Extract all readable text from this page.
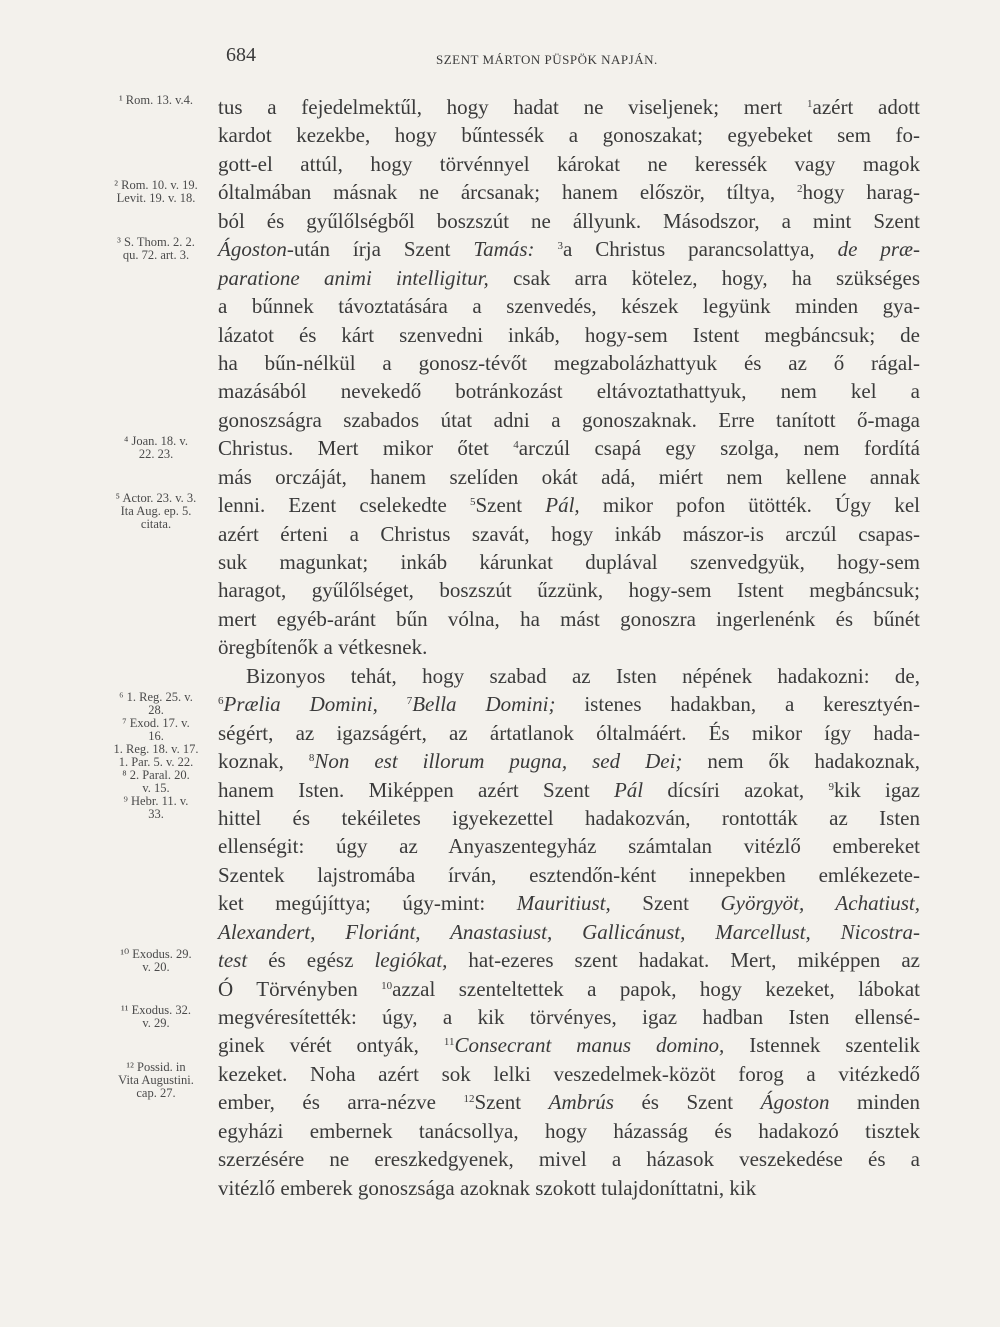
684	SZENT MÁRTON PÜSPÖK NAPJÁN.
¹ Rom. 13. v.4.
² Rom. 10. v. 19.
Levit. 19. v. 18.
³ S. Thom. 2. 2.
qu. 72. art. 3.
⁴ Joan. 18. v.
22. 23.
⁵ Actor. 23. v. 3.
Ita Aug. ep. 5.
citata.
⁶ 1. Reg. 25. v.
28.
⁷ Exod. 17. v.
16.
1. Reg. 18. v. 17.
1. Par. 5. v. 22.
⁸ 2. Paral. 20.
v. 15.
⁹ Hebr. 11. v.
33.
¹⁰ Exodus. 29.
v. 20.
¹¹ Exodus. 32.
v. 29.
¹² Possid. in
Vita Augustini.
cap. 27.
tus a fejedelmektűl, hogy hadat ne viseljenek; mert $^1$azért adott
kardot kezekbe, hogy bűntessék a gonoszakat; egyebeket sem fo-
gott-el attúl, hogy törvénnyel károkat ne keressék vagy magok
óltalmában másnak ne árcsanak; hanem először, tíltya, $^2$hogy harag-
ból és gyűlőlségből boszszút ne állyunk. Másodszor, a mint Szent
Ágoston-után írja Szent Tamás: $^3$a Christus parancsolattya, de præ-
paratione animi intelligitur, csak arra kötelez, hogy, ha szükséges
a bűnnek távoztatására a szenvedés, készek legyünk minden gya-
lázatot és kárt szenvedni inkáb, hogy-sem Istent megbáncsuk; de
ha bűn-nélkül a gonosz-tévőt megzabolázhattyuk és az ő rágal-
mazásából nevekedő botránkozást eltávoztathattyuk, nem kel a
gonoszságra szabados útat adni a gonoszaknak. Erre tanított ő-maga
Christus. Mert mikor őtet $^4$arczúl csapá egy szolga, nem fordítá
más orczáját, hanem szelíden okát adá, miért nem kellene annak
lenni. Ezent cselekedte $^5$Szent Pál, mikor pofon ütötték. Úgy kel
azért érteni a Christus szavát, hogy inkáb mászor-is arczúl csapas-
suk magunkat; inkáb kárunkat duplával szenvedgyük, hogy-sem
haragot, gyűlőlséget, boszszút űzzünk, hogy-sem Istent megbáncsuk;
mert egyéb-aránt bűn vólna, ha mást gonoszra ingerlenénk és bűnét
öregbítenők a vétkesnek.
Bizonyos tehát, hogy szabad az Isten népének hadakozni: de,
$^6$Prælia Domini, $^7$Bella Domini; istenes hadakban, a keresztyén-
ségért, az igazságért, az ártatlanok óltalmáért. És mikor így hada-
koznak, $^8$Non est illorum pugna, sed Dei; nem ők hadakoznak,
hanem Isten. Miképpen azért Szent Pál dícsíri azokat, $^9$kik igaz
hittel és tekéiletes igyekezettel hadakozván, rontották az Isten
ellenségit: úgy az Anyaszentegyház számtalan vitézlő embereket
Szentek lajstromába írván, esztendőn-ként innepekben emlékezete-
ket megújíttya; úgy-mint: Mauritiust, Szent Györgyöt, Achatiust,
Alexandert, Floriánt, Anastasiust, Gallicánust, Marcellust, Nicostra-
test és egész legiókat, hat-ezeres szent hadakat. Mert, miképpen az
Ó Törvényben $^{10}$azzal szenteltettek a papok, hogy kezeket, lábokat
megvéresítették: úgy, a kik törvényes, igaz hadban Isten ellensé-
ginek vérét ontyák, $^{11}$Consecrant manus domino, Istennek szentelik
kezeket. Noha azért sok lelki veszedelmek-közöt forog a vitézkedő
ember, és arra-nézve $^{12}$Szent Ambrús és Szent Ágoston minden
egyházi embernek tanácsollya, hogy házasság és hadakozó tisztek
szerzésére ne ereszkedgyenek, mivel a házasok veszekedése és a
vitézlő emberek gonoszsága azoknak szokott tulajdoníttatni, kik
